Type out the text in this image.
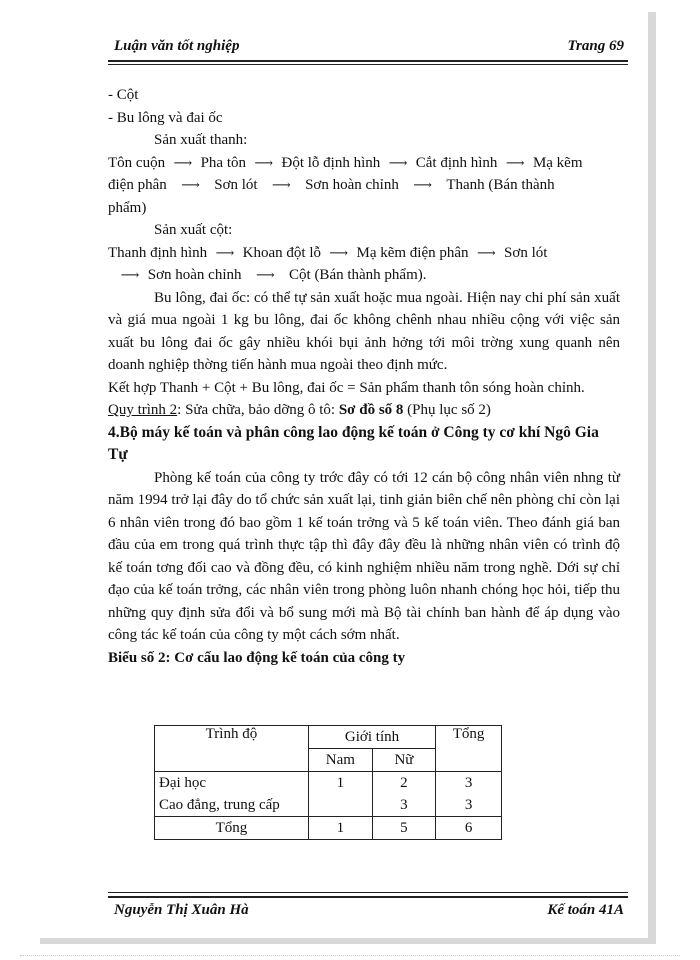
Luận văn tốt nghiệp	Trang 69

- Cột

- Bu lông và đai ốc

Sản xuất thanh:

Tôn cuộn ⟶ Pha tôn ⟶ Đột lỗ định hình ⟶ Cắt định hình ⟶ Mạ kẽm

điện phân ⟶ Sơn lót ⟶ Sơn hoàn chỉnh ⟶ Thanh (Bán thành

phẩm)

Sản xuất cột:

Thanh định hình ⟶ Khoan đột lỗ ⟶ Mạ kẽm điện phân ⟶ Sơn lót

⟶ Sơn hoàn chỉnh ⟶ Cột (Bán thành phẩm).

Bu lông, đai ốc: có thể tự sản xuất hoặc mua ngoài. Hiện nay chi phí sản xuất và giá mua ngoài 1 kg bu lông, đai ốc không chênh nhau nhiều cộng với việc sản xuất bu lông đai ốc gây nhiều khói bụi ảnh hởng tới môi trờng xung quanh nên doanh nghiệp thờng tiến hành mua ngoài theo định mức.

Kết hợp Thanh + Cột + Bu lông, đai ốc = Sản phẩm thanh tôn sóng hoàn chỉnh.

Quy trình 2: Sửa chữa, bảo dỡng ô tô: Sơ đồ số 8 (Phụ lục số 2)

4.Bộ máy kế toán và phân công lao động kế toán ở Công ty cơ khí Ngô Gia Tự

Phòng kế toán của công ty trớc đây có tới 12 cán bộ công nhân viên nhng từ năm 1994 trở lại đây do tổ chức sản xuất lại, tinh giản biên chế nên phòng chỉ còn lại 6 nhân viên trong đó bao gồm 1 kế toán trởng và 5 kế toán viên. Theo đánh giá ban đầu của em trong quá trình thực tập thì đây đây đều là những nhân viên có trình độ kế toán tơng đối cao và đồng đều, có kinh nghiệm nhiều năm trong nghề. Dới sự chỉ đạo của kế toán trởng, các nhân viên trong phòng luôn nhanh chóng học hỏi, tiếp thu những quy định sửa đổi và bổ sung mới mà Bộ tài chính ban hành để áp dụng vào công tác kế toán của công ty một cách sớm nhất.

Biểu số 2: Cơ cấu lao động kế toán của công ty

Trình độ	Giới tính		Tổng
	Nam	Nữ	
Đại học	1	2	3
Cao đẳng, trung cấp		3	3
Tổng	1	5	6
Nguyễn Thị Xuân Hà	Kế toán 41A
